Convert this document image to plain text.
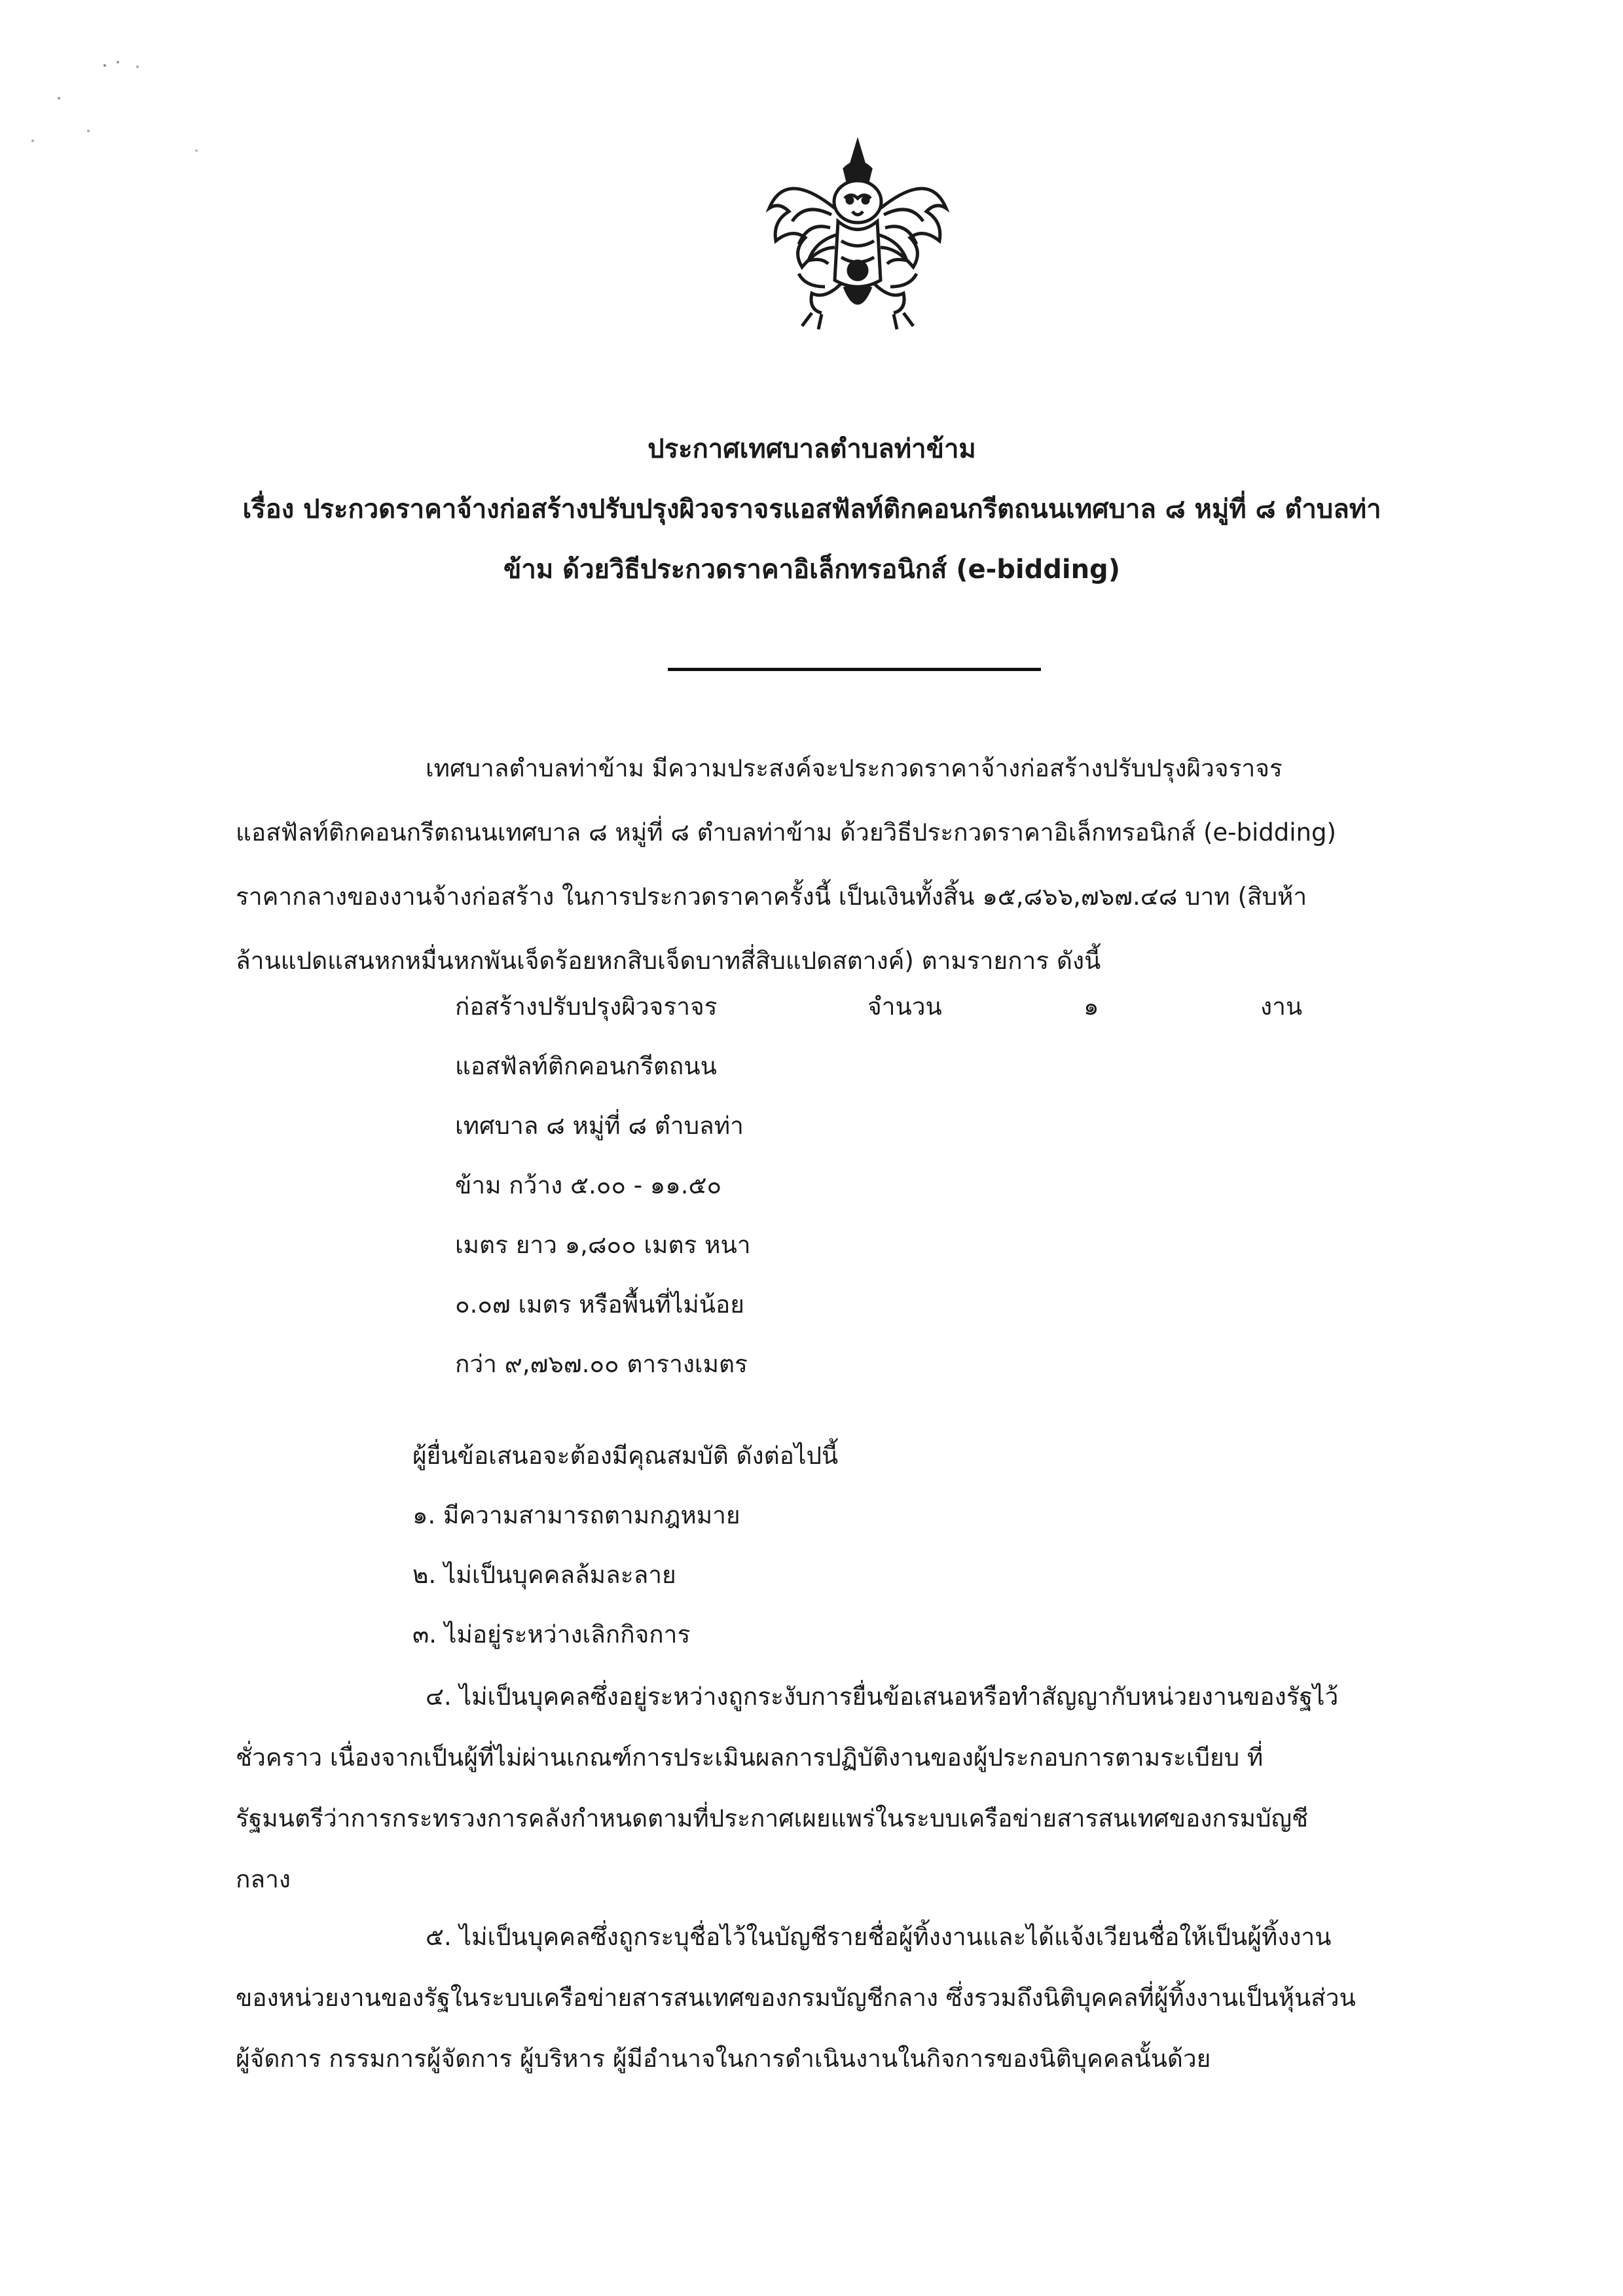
ประกาศเทศบาลตำบลท่าข้าม
เรื่อง ประกวดราคาจ้างก่อสร้างปรับปรุงผิวจราจรแอสฟัลท์ติกคอนกรีตถนนเทศบาล ๘ หมู่ที่ ๘ ตำบลท่า
ข้าม ด้วยวิธีประกวดราคาอิเล็กทรอนิกส์ (e-bidding)
เทศบาลตำบลท่าข้าม มีความประสงค์จะประกวดราคาจ้างก่อสร้างปรับปรุงผิวจราจร
แอสฟัลท์ติกคอนกรีตถนนเทศบาล ๘ หมู่ที่ ๘ ตำบลท่าข้าม ด้วยวิธีประกวดราคาอิเล็กทรอนิกส์ (e-bidding)
ราคากลางของงานจ้างก่อสร้าง ในการประกวดราคาครั้งนี้ เป็นเงินทั้งสิ้น ๑๕,๘๖๖,๗๖๗.๔๘ บาท (สิบห้า
ล้านแปดแสนหกหมื่นหกพันเจ็ดร้อยหกสิบเจ็ดบาทสี่สิบแปดสตางค์) ตามรายการ ดังนี้
ก่อสร้างปรับปรุงผิวจราจร	จำนวน	๑	งาน
แอสฟัลท์ติกคอนกรีตถนน
เทศบาล ๘ หมู่ที่ ๘ ตำบลท่า
ข้าม กว้าง ๕.๐๐ - ๑๑.๕๐
เมตร ยาว ๑,๘๐๐ เมตร หนา
๐.๐๗ เมตร หรือพื้นที่ไม่น้อย
กว่า ๙,๗๖๗.๐๐ ตารางเมตร
ผู้ยื่นข้อเสนอจะต้องมีคุณสมบัติ ดังต่อไปนี้
๑. มีความสามารถตามกฎหมาย
๒. ไม่เป็นบุคคลล้มละลาย
๓. ไม่อยู่ระหว่างเลิกกิจการ
๔. ไม่เป็นบุคคลซึ่งอยู่ระหว่างถูกระงับการยื่นข้อเสนอหรือทำสัญญากับหน่วยงานของรัฐไว้
ชั่วคราว เนื่องจากเป็นผู้ที่ไม่ผ่านเกณฑ์การประเมินผลการปฏิบัติงานของผู้ประกอบการตามระเบียบ ที่
รัฐมนตรีว่าการกระทรวงการคลังกำหนดตามที่ประกาศเผยแพร่ในระบบเครือข่ายสารสนเทศของกรมบัญชี
กลาง
๕. ไม่เป็นบุคคลซึ่งถูกระบุชื่อไว้ในบัญชีรายชื่อผู้ทิ้งงานและได้แจ้งเวียนชื่อให้เป็นผู้ทิ้งงาน
ของหน่วยงานของรัฐในระบบเครือข่ายสารสนเทศของกรมบัญชีกลาง ซึ่งรวมถึงนิติบุคคลที่ผู้ทิ้งงานเป็นหุ้นส่วน
ผู้จัดการ กรรมการผู้จัดการ ผู้บริหาร ผู้มีอำนาจในการดำเนินงานในกิจการของนิติบุคคลนั้นด้วย
